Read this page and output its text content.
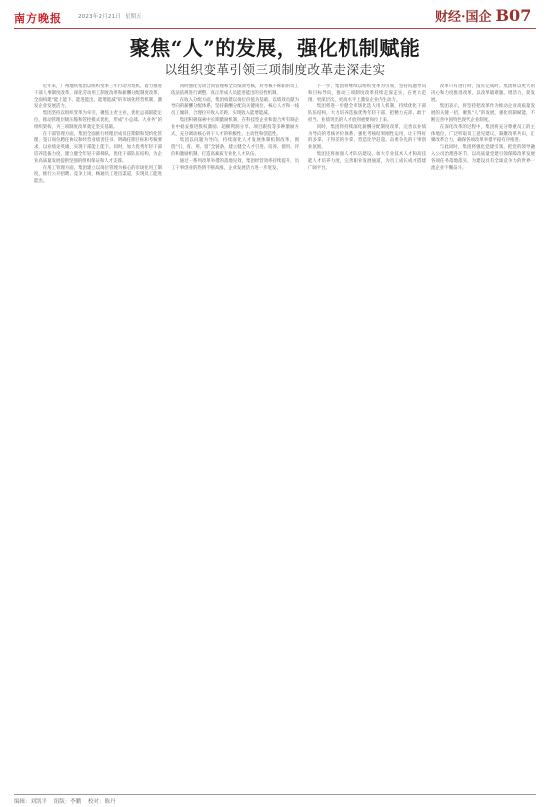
南方晚报	2023年2月21日 星期五	财经·国企 B07
聚焦“人”的发展，强化机制赋能
以组织变革引领三项制度改革走深走实

近年来，广州地铁集团以组织变革三年行动为契机，着力推进干部人事制度改革，深化劳动用工制度改革和薪酬分配制度改革，全面构建“能上能下、能进能出、能增能减”的市场化经营机制，激发企业发展活力。

集团坚持以组织变革为牵引，聚焦主责主业，优化总部职能定位，推动管理层级压缩和管控模式优化，形成“小总部、大业务”的组织架构，为三项制度改革奠定坚实基础。

在干部管理方面，集团全面推行经理层成员任期制和契约化管理，签订岗位聘任协议和经营业绩责任书，明确任期目标和考核要求，以业绩论英雄，实现干部能上能下。同时，加大优秀年轻干部培养选拔力度，建立健全年轻干部梯队，优化干部队伍结构，为企业高质量发展提供坚强的组织保证和人才支撑。

在用工管理方面，集团建立以岗位管理为核心的市场化用工制度，推行公开招聘、竞争上岗，畅通员工进出渠道，实现员工能进能出。

同时强化劳动合同管理和全员绩效考核，对考核不称职的员工依法依规进行调整，真正形成人员能进能出的良性机制。

在收入分配方面，集团构建以岗位价值为基础、以绩效贡献为导向的薪酬分配体系，坚持薪酬分配向关键岗位、核心人才和一线员工倾斜，合理拉开收入差距，实现收入能增能减。

集团积极探索中长期激励机制，在科技型企业和混合所有制企业中稳妥推进股权激励、超额利润分享、项目跟投等多种激励方式，充分调动核心骨干人才的积极性、主动性和创造性。

集团以问题为导向，持续深化人才发展体制机制改革，围绕“引、育、用、留”全链条，建立健全人才引进、培养、使用、评价和激励机制，打造高素质专业化人才队伍。

通过一系列改革举措的落地见效，集团经营效率持续提升，员工干事创业的热情不断高涨，企业发展活力进一步迸发。

下一步，集团将继续以组织变革为引领，坚持问题导向和目标导向，推动三项制度改革持续走深走实，在更大范围、更深层次、更高水平上激发企业内生动力。

集团将进一步健全市场化选人用人机制，持续优化干部队伍结构，大力培养选拔优秀年轻干部，把精力充沛、敢于担当、业绩突出的人才放到重要岗位上来。

同时，集团将持续深化薪酬分配制度改革，完善以业绩为导向的考核评价体系，强化考核结果刚性运用，让干得好的多拿、干得差的少拿，营造比学赶超、奋勇争先的干事创业氛围。

集团还将加强人才队伍建设，加大专业技术人才和高技能人才培养力度，完善职业发展通道，为员工成长成才搭建广阔平台。

改革只有进行时，没有完成时。集团将以更大的决心和力度推进改革，以改革破难题、增活力、促发展。

集团表示，将坚持把改革作为推动企业高质量发展的关键一招，聚焦“人”的发展，强化机制赋能，不断完善中国特色现代企业制度。

在深化改革的过程中，集团将充分尊重员工的主体地位，广泛听取员工意见建议，凝聚改革共识，汇聚改革合力，确保各项改革举措平稳有序推进。

与此同时，集团将强化党建引领，把党的领导融入公司治理各环节，以高质量党建引领保障改革发展各项任务落地落实，为建设具有全球竞争力的世界一流企业不懈奋斗。

编辑：刘凯平 组版：李鹏 校对：陈丹
